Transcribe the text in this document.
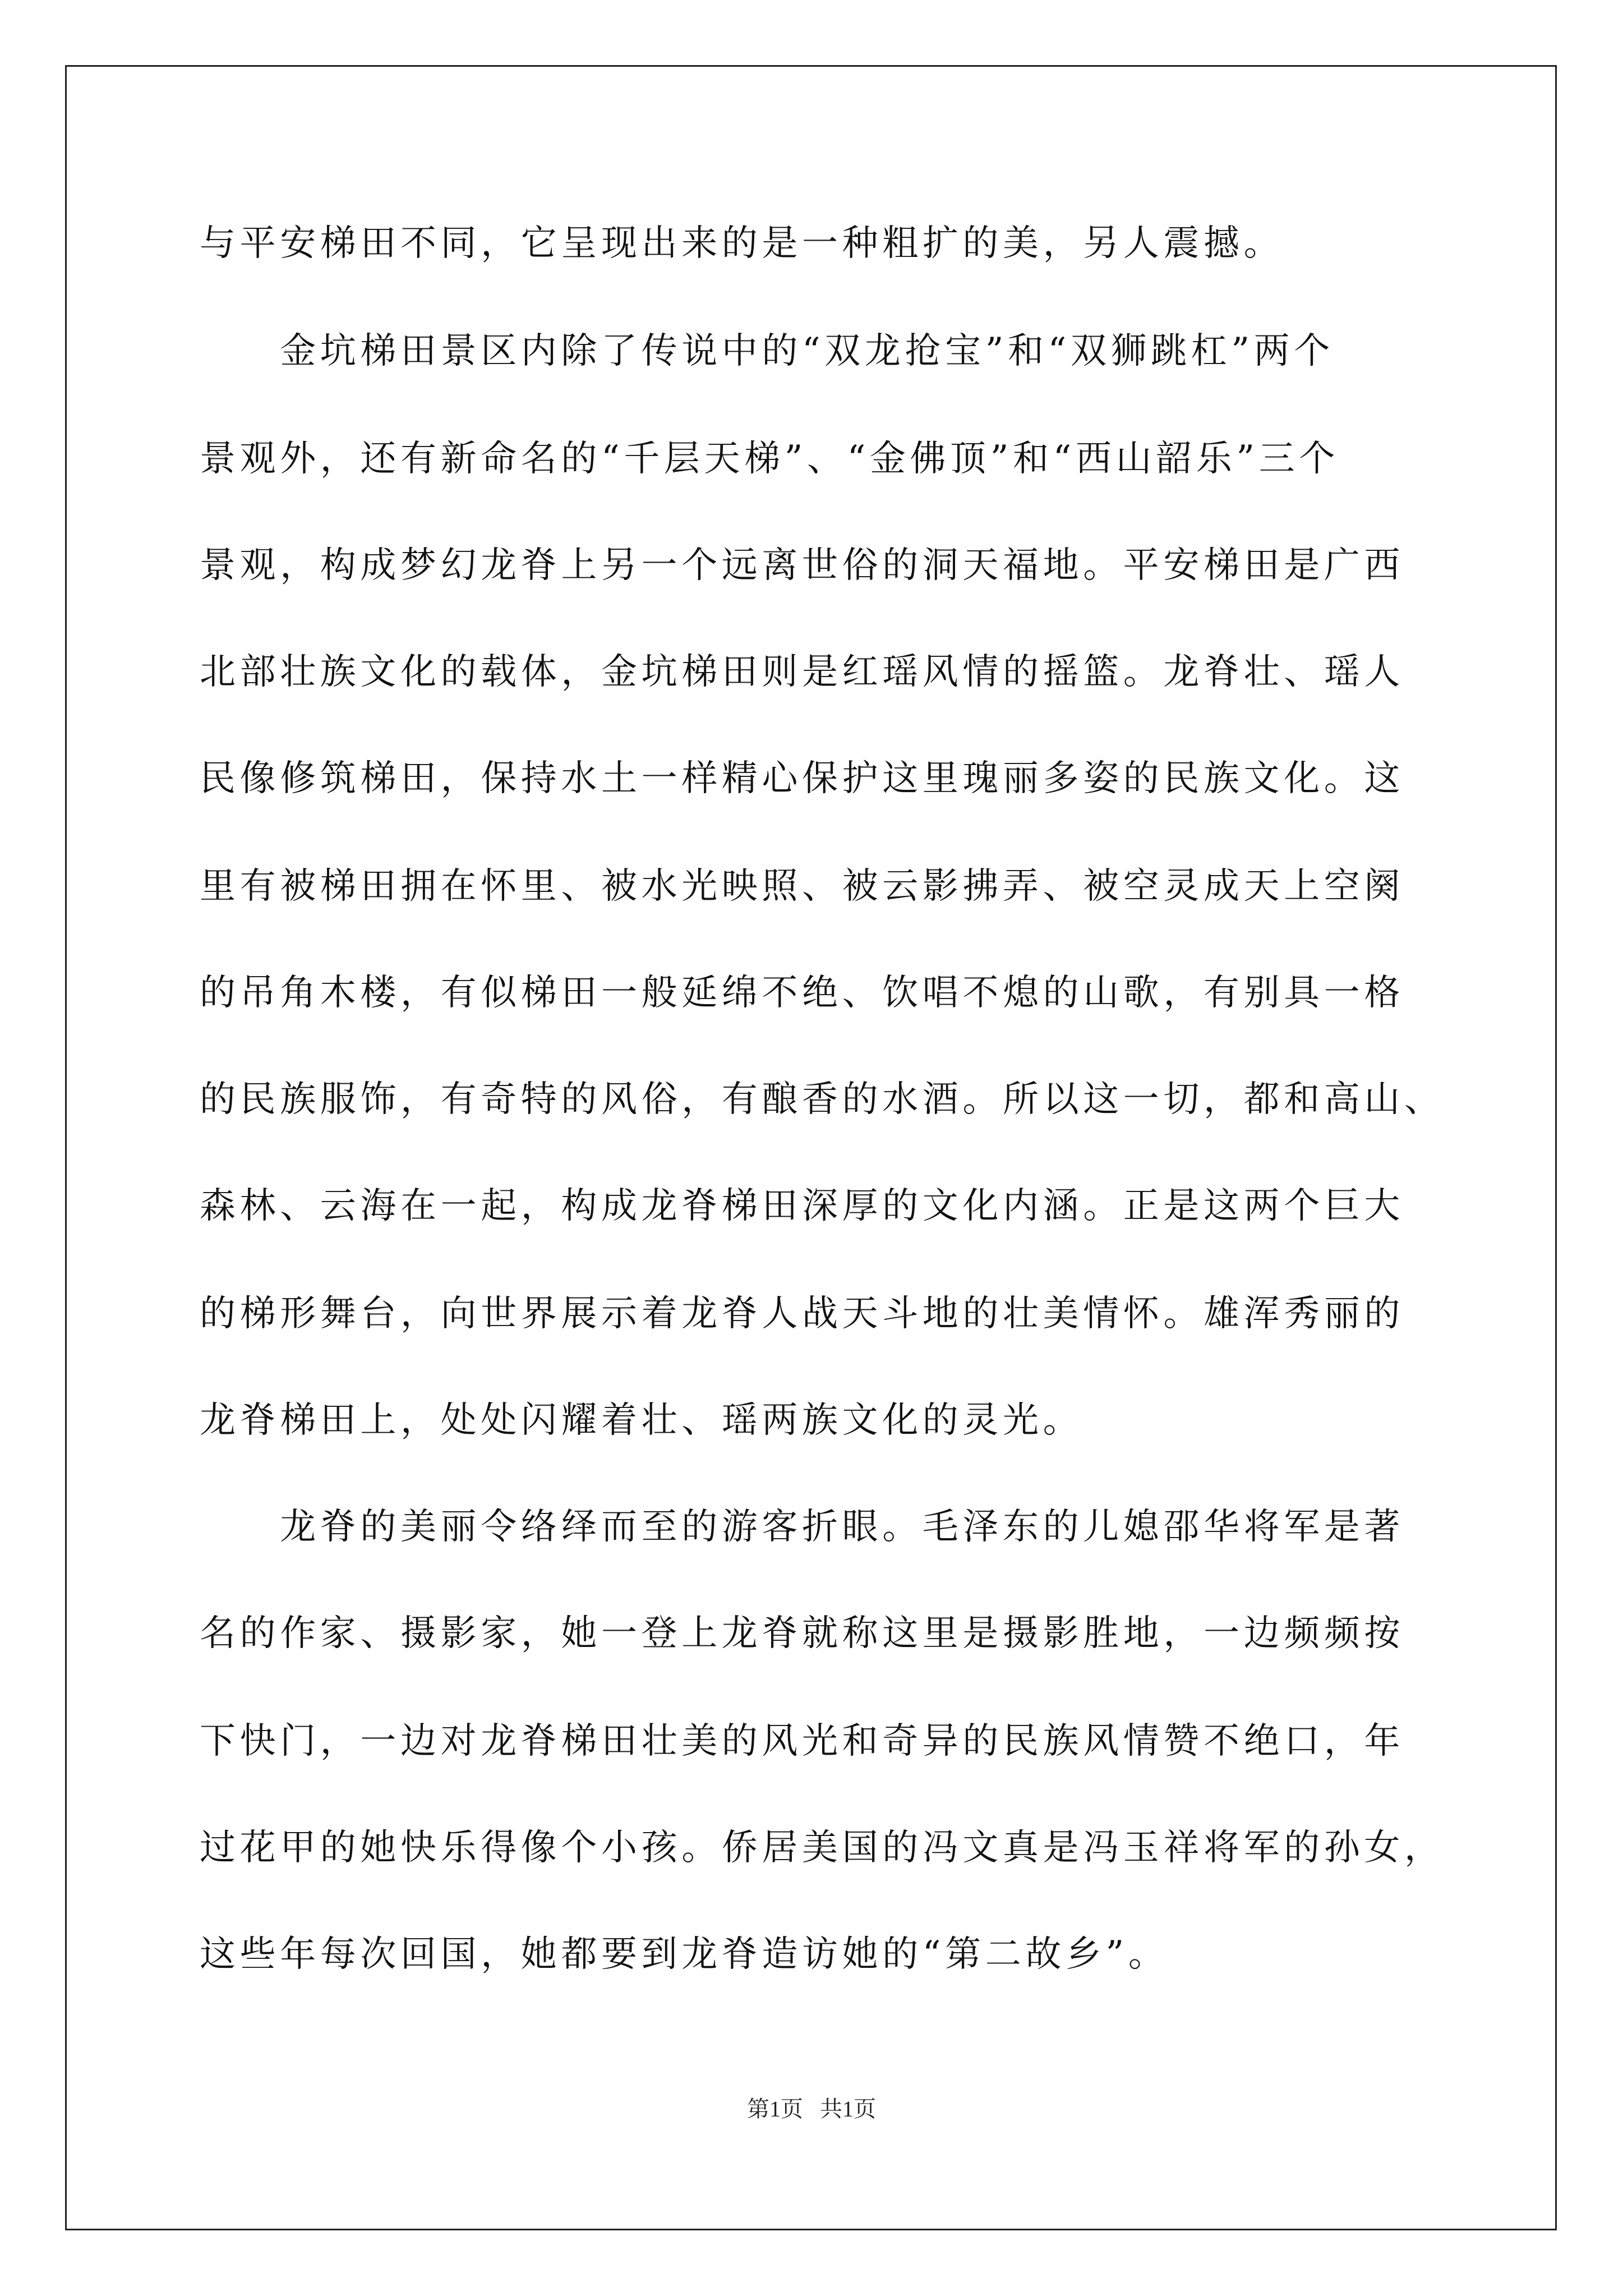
与平安梯田不同，它呈现出来的是一种粗扩的美，另人震撼。
　　金坑梯田景区内除了传说中的“双龙抢宝”和“双狮跳杠”两个
景观外，还有新命名的“千层天梯”、“金佛顶”和“西山韶乐”三个
景观，构成梦幻龙脊上另一个远离世俗的洞天福地。平安梯田是广西
北部壮族文化的载体，金坑梯田则是红瑶风情的摇篮。龙脊壮、瑶人
民像修筑梯田，保持水土一样精心保护这里瑰丽多姿的民族文化。这
里有被梯田拥在怀里、被水光映照、被云影拂弄、被空灵成天上空阕
的吊角木楼，有似梯田一般延绵不绝、饮唱不熄的山歌，有别具一格
的民族服饰，有奇特的风俗，有酿香的水酒。所以这一切，都和高山、
森林、云海在一起，构成龙脊梯田深厚的文化内涵。正是这两个巨大
的梯形舞台，向世界展示着龙脊人战天斗地的壮美情怀。雄浑秀丽的
龙脊梯田上，处处闪耀着壮、瑶两族文化的灵光。
　　龙脊的美丽令络绎而至的游客折眼。毛泽东的儿媳邵华将军是著
名的作家、摄影家，她一登上龙脊就称这里是摄影胜地，一边频频按
下快门，一边对龙脊梯田壮美的风光和奇异的民族风情赞不绝口，年
过花甲的她快乐得像个小孩。侨居美国的冯文真是冯玉祥将军的孙女，
这些年每次回国，她都要到龙脊造访她的“第二故乡”。
第1页   共1页
